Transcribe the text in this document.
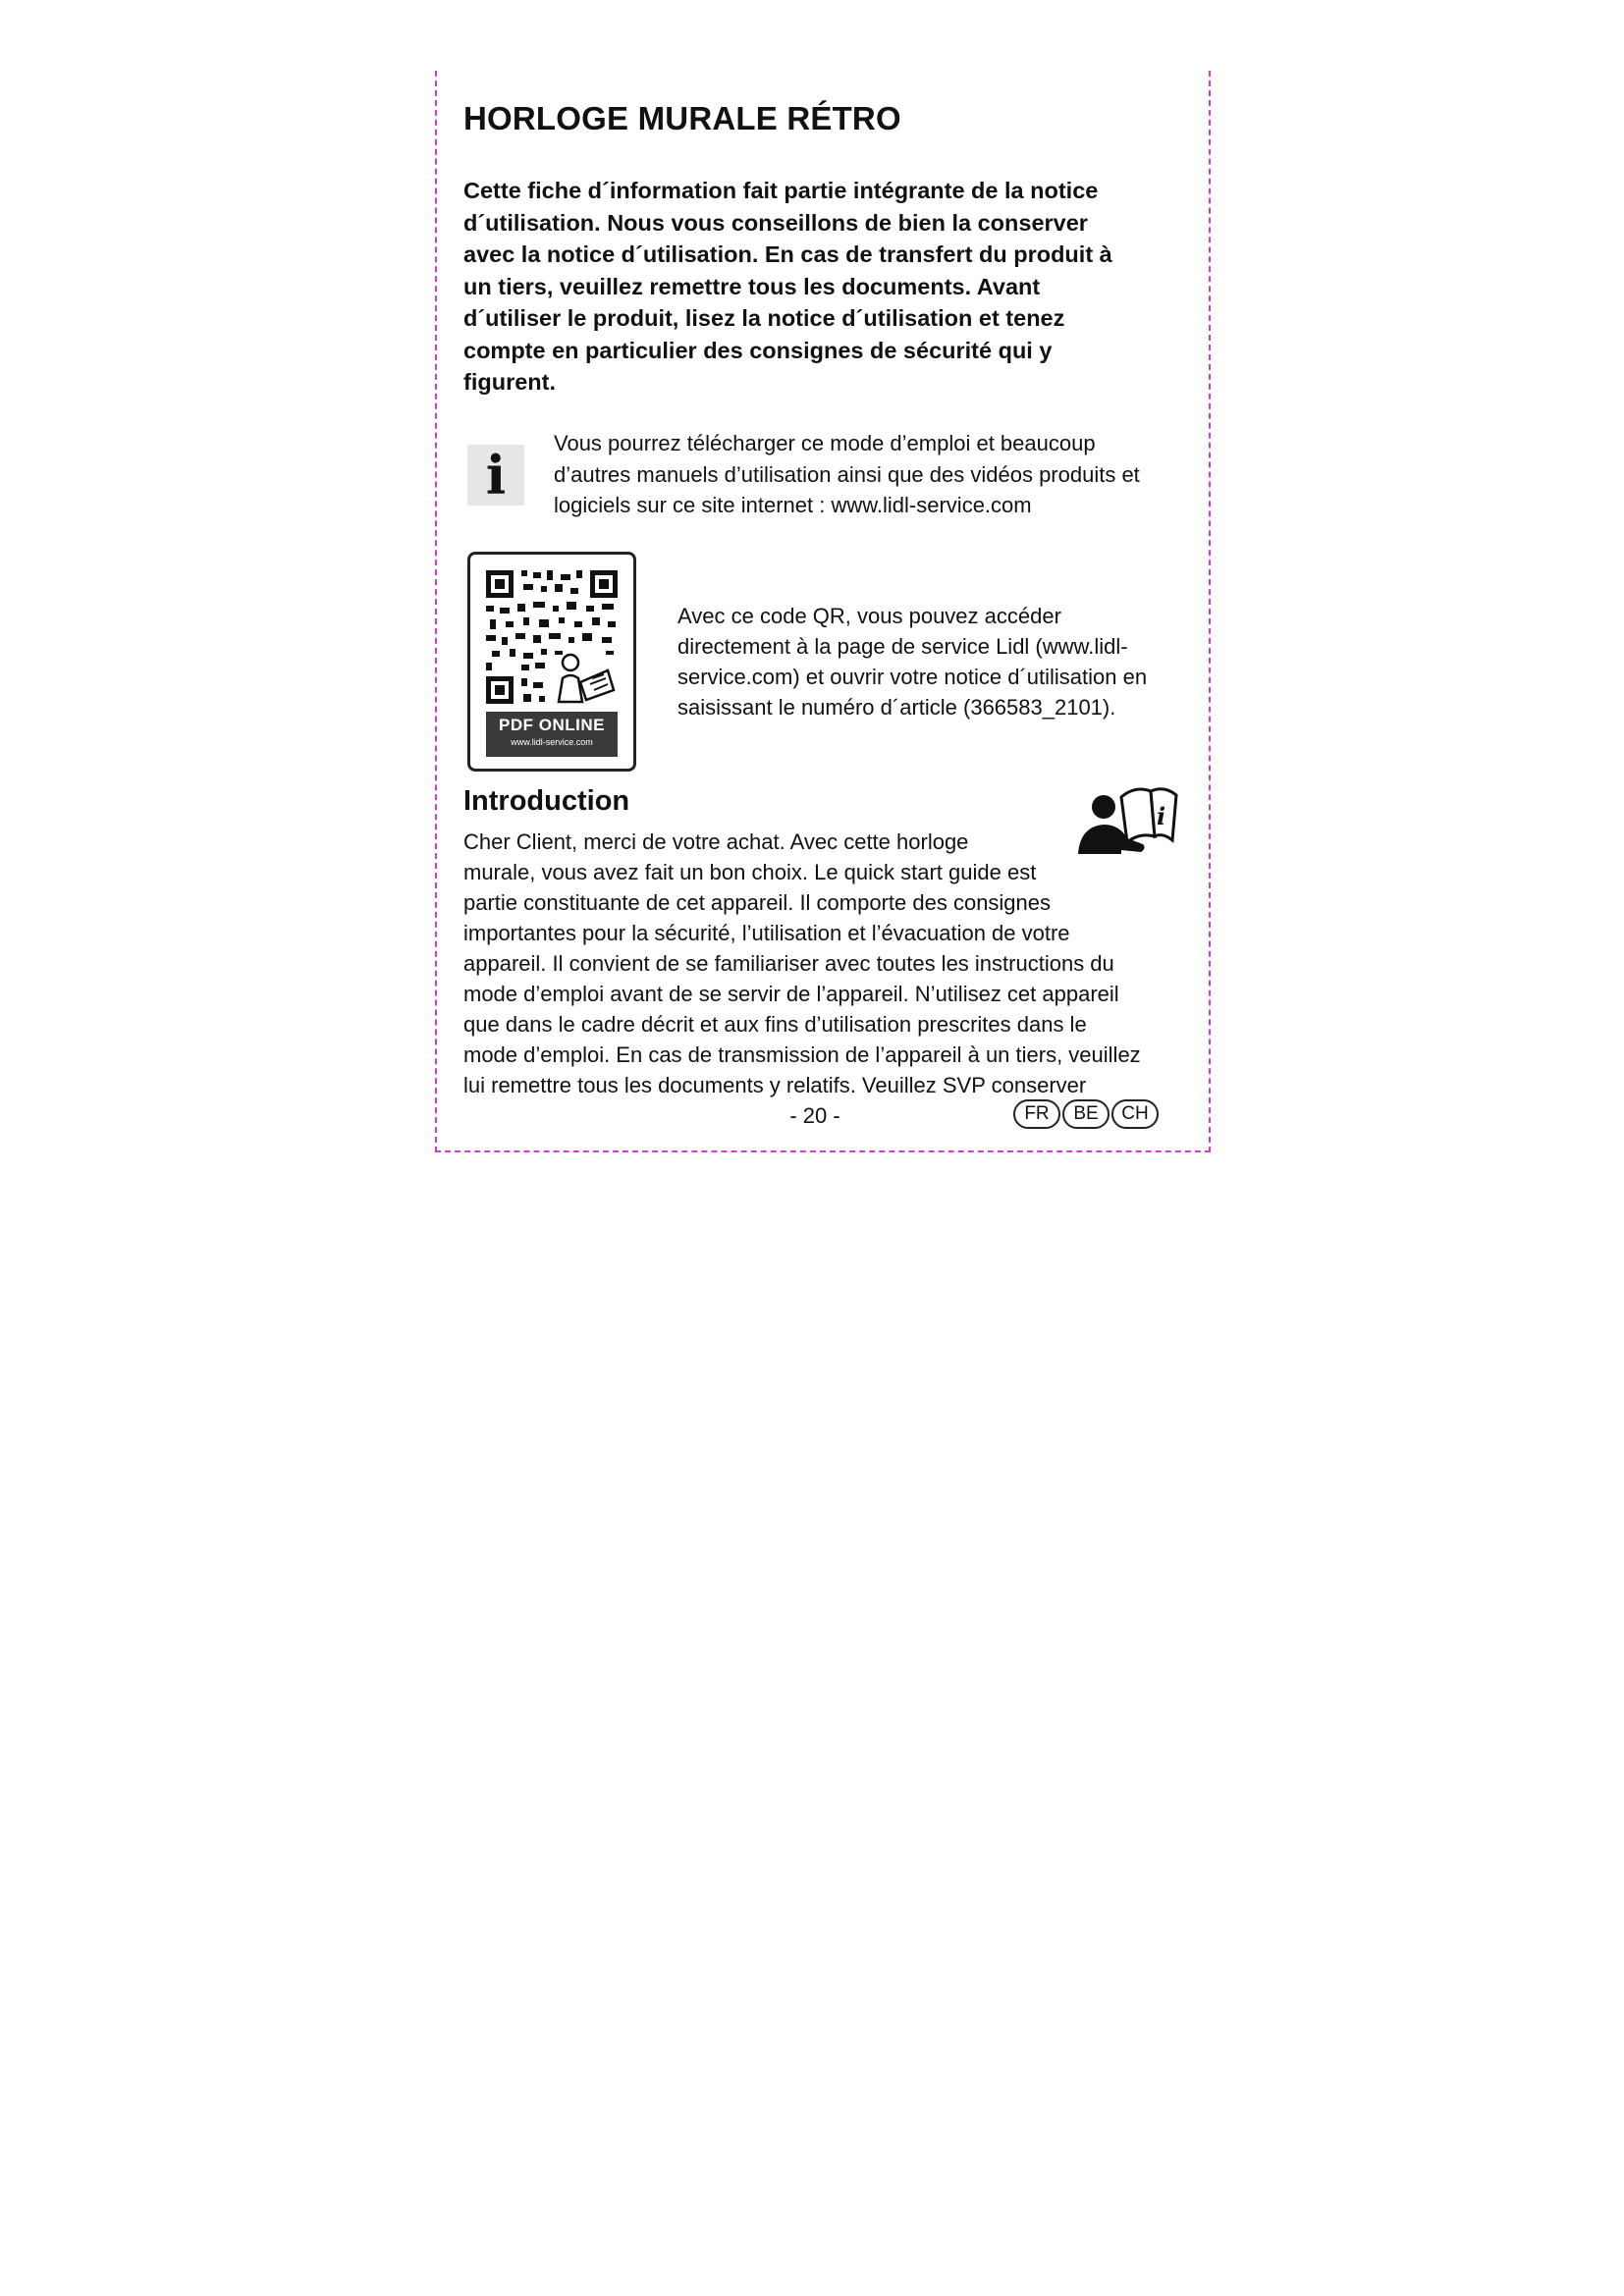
HORLOGE MURALE RÉTRO

Cette fiche d´information fait partie intégrante de la notice
d´utilisation. Nous vous conseillons de bien la conserver
avec la notice d´utilisation. En cas de transfert du produit à
un tiers, veuillez remettre tous les documents. Avant
d´utiliser le produit, lisez la notice d´utilisation et tenez
compte en particulier des consignes de sécurité qui y
figurent.

i

Vous pourrez télécharger ce mode d’emploi et beaucoup
d’autres manuels d’utilisation ainsi que des vidéos produits et
logiciels sur ce site internet : www.lidl-service.com

PDF ONLINE
www.lidl-service.com

Avec ce code QR, vous pouvez accéder
directement à la page de service Lidl (www.lidl-
service.com) et ouvrir votre notice d´utilisation en
saisissant le numéro d´article (366583_2101).

Introduction	i

Cher Client, merci de votre achat. Avec cette horloge
murale, vous avez fait un bon choix. Le quick start guide est
partie constituante de cet appareil. Il comporte des consignes
importantes pour la sécurité, l’utilisation et l’évacuation de votre
appareil. Il convient de se familiariser avec toutes les instructions du
mode d’emploi avant de se servir de l’appareil. N’utilisez cet appareil
que dans le cadre décrit et aux fins d’utilisation prescrites dans le
mode d’emploi. En cas de transmission de l’appareil à un tiers, veuillez
lui remettre tous les documents y relatifs. Veuillez SVP conserver

- 20 -	FR	BE	CH
